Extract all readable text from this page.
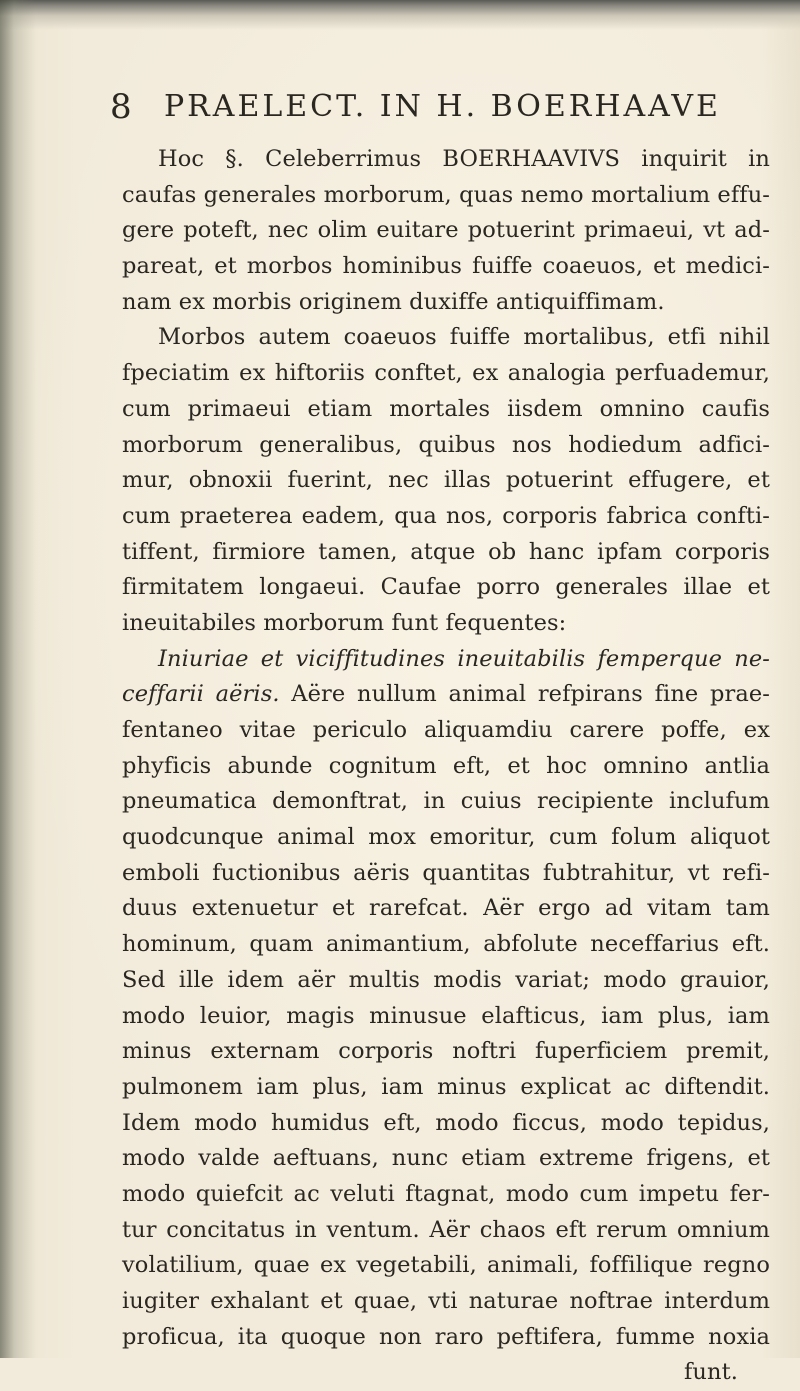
8 PRAELECT. IN H. BOERHAAVE
Hoc §. Celeberrimus BOERHAAVIVS inquirit in
caufas generales morborum, quas nemo mortalium effu-
gere poteft, nec olim euitare potuerint primaeui, vt ad-
pareat, et morbos hominibus fuiffe coaeuos, et medici-
nam ex morbis originem duxiffe antiquiffimam.
Morbos autem coaeuos fuiffe mortalibus, etfi nihil
fpeciatim ex hiftoriis conftet, ex analogia perfuademur,
cum primaeui etiam mortales iisdem omnino caufis
morborum generalibus, quibus nos hodiedum adfici-
mur, obnoxii fuerint, nec illas potuerint effugere, et
cum praeterea eadem, qua nos, corporis fabrica confti-
tiffent, firmiore tamen, atque ob hanc ipfam corporis
firmitatem longaeui. Caufae porro generales illae et
ineuitabiles morborum funt fequentes:
Iniuriae et viciffitudines ineuitabilis femperque ne-
ceffarii aëris. Aëre nullum animal refpirans fine prae-
fentaneo vitae periculo aliquamdiu carere poffe, ex
phyficis abunde cognitum eft, et hoc omnino antlia
pneumatica demonftrat, in cuius recipiente inclufum
quodcunque animal mox emoritur, cum folum aliquot
emboli fuctionibus aëris quantitas fubtrahitur, vt refi-
duus extenuetur et rarefcat. Aër ergo ad vitam tam
hominum, quam animantium, abfolute neceffarius eft.
Sed ille idem aër multis modis variat; modo grauior,
modo leuior, magis minusue elafticus, iam plus, iam
minus externam corporis noftri fuperficiem premit,
pulmonem iam plus, iam minus explicat ac diftendit.
Idem modo humidus eft, modo ficcus, modo tepidus,
modo valde aeftuans, nunc etiam extreme frigens, et
modo quiefcit ac veluti ftagnat, modo cum impetu fer-
tur concitatus in ventum. Aër chaos eft rerum omnium
volatilium, quae ex vegetabili, animali, foffilique regno
iugiter exhalant et quae, vti naturae noftrae interdum
proficua, ita quoque non raro peftifera, fumme noxia
funt.
